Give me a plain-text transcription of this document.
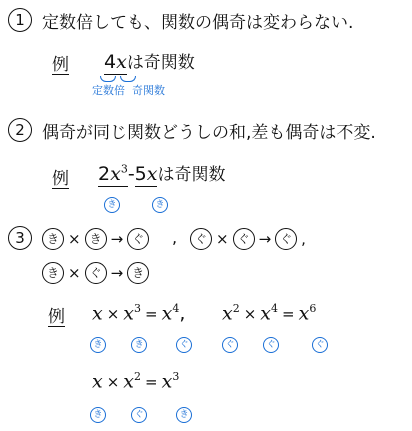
1	定数倍しても、関数の偶奇は変わらない.
例 4xは奇関数
定数倍 奇関数
2	偶奇が同じ関数どうしの和,差も偶奇は不変.
例 $2x^3-5x$は奇関数
き	き
3	き × き → ぐ	,	ぐ × ぐ → ぐ ,
き × ぐ → き
例 $x \times x^3 = x^4$,
き	き	ぐ
$x^2 \times x^4 = x^6$
ぐ	ぐ	ぐ
$x \times x^2 = x^3$
き	ぐ	き
